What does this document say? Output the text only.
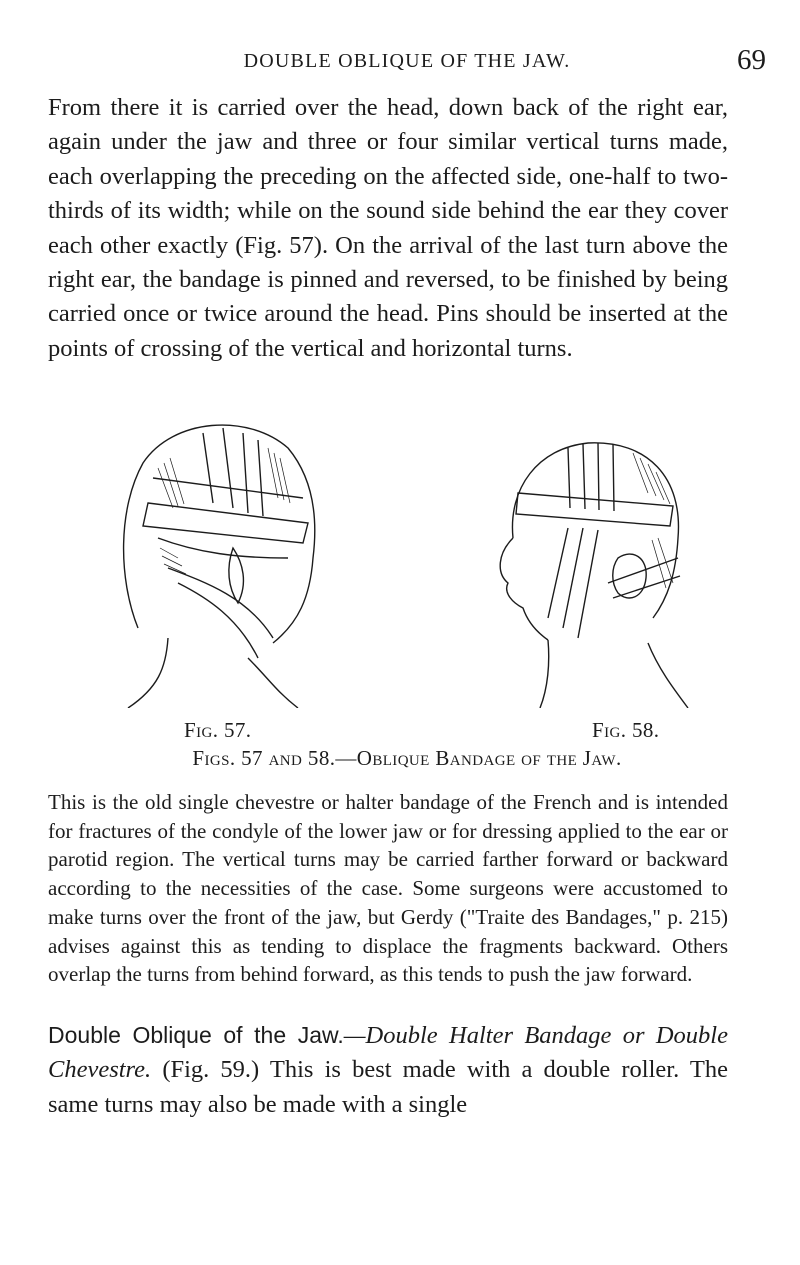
DOUBLE OBLIQUE OF THE JAW.	69

From there it is carried over the head, down back of the right ear, again under the jaw and three or four similar vertical turns made, each overlapping the preceding on the affected side, one-half to two-thirds of its width; while on the sound side behind the ear they cover each other exactly (Fig. 57). On the arrival of the last turn above the right ear, the bandage is pinned and reversed, to be finished by being carried once or twice around the head. Pins should be inserted at the points of crossing of the vertical and horizontal turns.

Fig. 57.	Fig. 58.
Figs. 57 and 58.—Oblique Bandage of the Jaw.

This is the old single chevestre or halter bandage of the French and is intended for fractures of the condyle of the lower jaw or for dressing applied to the ear or parotid region. The vertical turns may be carried farther forward or backward according to the necessities of the case. Some surgeons were accustomed to make turns over the front of the jaw, but Gerdy ("Traite des Bandages," p. 215) advises against this as tending to displace the fragments backward. Others overlap the turns from behind forward, as this tends to push the jaw forward.

Double Oblique of the Jaw.—Double Halter Bandage or Double Chevestre. (Fig. 59.) This is best made with a double roller. The same turns may also be made with a single
